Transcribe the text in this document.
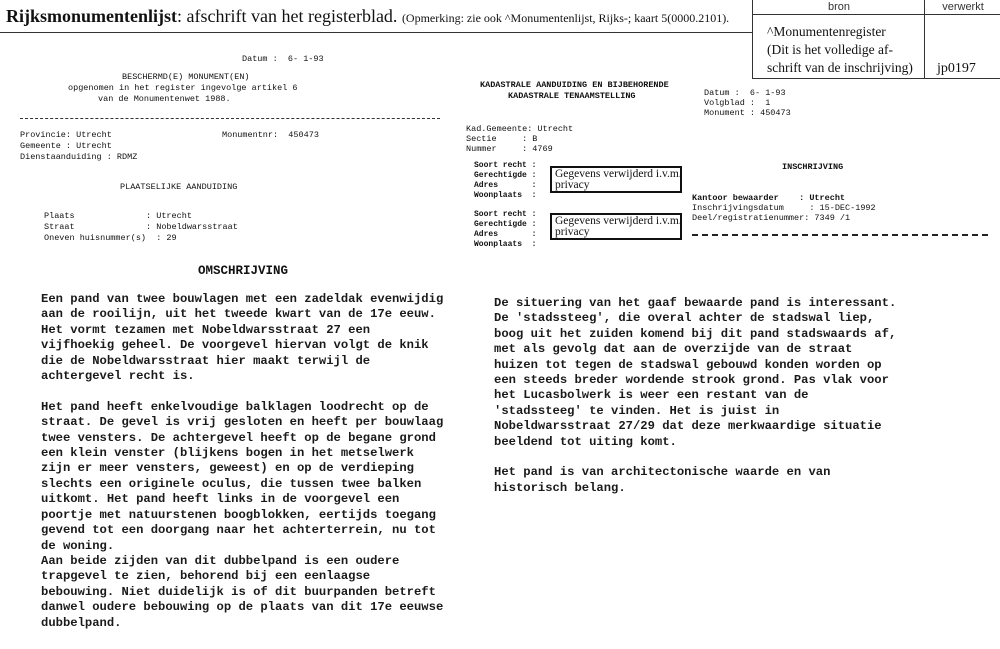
Rijksmonumentenlijst: afschrift van het registerblad. (Opmerking: zie ook ^Monumentenlijst, Rijks-; kaart 5(0000.2101).
bron	verwerkt
^Monumentenregister
(Dit is het volledige af-
schrift van de inschrijving) jp0197
Datum :  6- 1-93
BESCHERMD(E) MONUMENT(EN)
opgenomen in het register ingevolge artikel 6
van de Monumentenwet 1988.
Provincie: Utrecht	Monumentnr:  450473
Gemeente : Utrecht
Dienstaanduiding : RDMZ
PLAATSELIJKE AANDUIDING
Plaats              : Utrecht
Straat              : Nobeldwarsstraat
Oneven huisnummer(s)  : 29
KADASTRALE AANDUIDING EN BIJBEHORENDE
KADASTRALE TENAAMSTELLING
Kad.Gemeente: Utrecht
Sectie     : B
Nummer     : 4769
Soort recht :
Gerechtigde :
Adres       :
Woonplaats  :
Gegevens verwijderd i.v.m.
privacy
Soort recht :
Gerechtigde :
Adres       :
Woonplaats  :
Gegevens verwijderd i.v.m.
privacy
Datum :  6- 1-93
Volgblad :  1
Monument : 450473
INSCHRIJVING
Kantoor bewaarder    : Utrecht
Inschrijvingsdatum     : 15-DEC-1992
Deel/registratienummer: 7349 /1
OMSCHRIJVING
Een pand van twee bouwlagen met een zadeldak evenwijdig
aan de rooilijn, uit het tweede kwart van de 17e eeuw.
Het vormt tezamen met Nobeldwarsstraat 27 een
vijfhoekig geheel. De voorgevel hiervan volgt de knik
die de Nobeldwarsstraat hier maakt terwijl de
achtergevel recht is.

Het pand heeft enkelvoudige balklagen loodrecht op de
straat. De gevel is vrij gesloten en heeft per bouwlaag
twee vensters. De achtergevel heeft op de begane grond
een klein venster (blijkens bogen in het metselwerk
zijn er meer vensters, geweest) en op de verdieping
slechts een originele oculus, die tussen twee balken
uitkomt. Het pand heeft links in de voorgevel een
poortje met natuurstenen boogblokken, eertijds toegang
gevend tot een doorgang naar het achterterrein, nu tot
de woning.
Aan beide zijden van dit dubbelpand is een oudere
trapgevel te zien, behorend bij een eenlaagse
bebouwing. Niet duidelijk is of dit buurpanden betreft
danwel oudere bebouwing op de plaats van dit 17e eeuwse
dubbelpand.
De situering van het gaaf bewaarde pand is interessant.
De 'stadssteeg', die overal achter de stadswal liep,
boog uit het zuiden komend bij dit pand stadswaards af,
met als gevolg dat aan de overzijde van de straat
huizen tot tegen de stadswal gebouwd konden worden op
een steeds breder wordende strook grond. Pas vlak voor
het Lucasbolwerk is weer een restant van de
'stadssteeg' te vinden. Het is juist in
Nobeldwarsstraat 27/29 dat deze merkwaardige situatie
beeldend tot uiting komt.

Het pand is van architectonische waarde en van
historisch belang.
